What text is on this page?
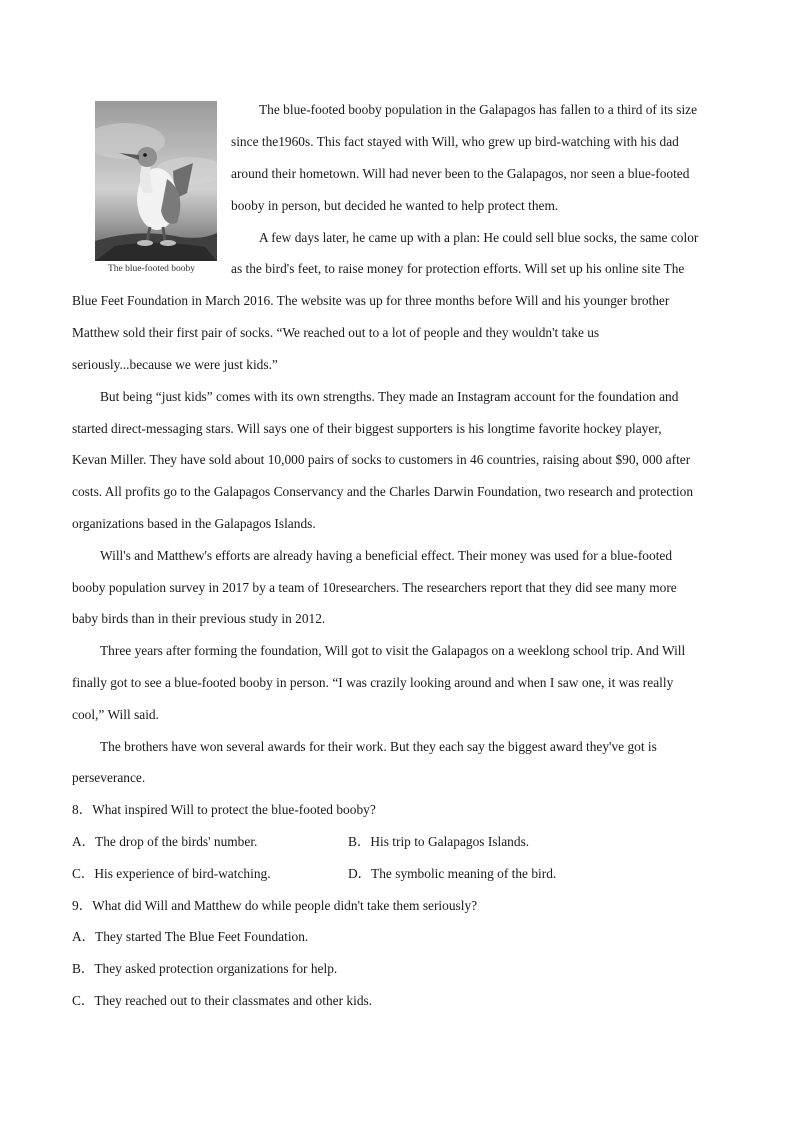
The blue-footed booby
The blue-footed booby population in the Galapagos has fallen to a third of its size
since the1960s. This fact stayed with Will, who grew up bird-watching with his dad
around their hometown. Will had never been to the Galapagos, nor seen a blue-footed
booby in person, but decided he wanted to help protect them.
A few days later, he came up with a plan: He could sell blue socks, the same color
as the bird's feet, to raise money for protection efforts. Will set up his online site The
Blue Feet Foundation in March 2016. The website was up for three months before Will and his younger brother
Matthew sold their first pair of socks. “We reached out to a lot of people and they wouldn't take us
seriously...because we were just kids.”
But being “just kids” comes with its own strengths. They made an Instagram account for the foundation and
started direct-messaging stars. Will says one of their biggest supporters is his longtime favorite hockey player,
Kevan Miller. They have sold about 10,000 pairs of socks to customers in 46 countries, raising about $90, 000 after
costs. All profits go to the Galapagos Conservancy and the Charles Darwin Foundation, two research and protection
organizations based in the Galapagos Islands.
Will's and Matthew's efforts are already having a beneficial effect. Their money was used for a blue-footed
booby population survey in 2017 by a team of 10researchers. The researchers report that they did see many more
baby birds than in their previous study in 2012.
Three years after forming the foundation, Will got to visit the Galapagos on a weeklong school trip. And Will
finally got to see a blue-footed booby in person. “I was crazily looking around and when I saw one, it was really
cool,” Will said.
The brothers have won several awards for their work. But they each say the biggest award they've got is
perseverance.
8．What inspired Will to protect the blue-footed booby?
A．The drop of the birds' number.	B．His trip to Galapagos Islands.
C．His experience of bird-watching.	D．The symbolic meaning of the bird.
9．What did Will and Matthew do while people didn't take them seriously?
A．They started The Blue Feet Foundation.
B．They asked protection organizations for help.
C．They reached out to their classmates and other kids.
